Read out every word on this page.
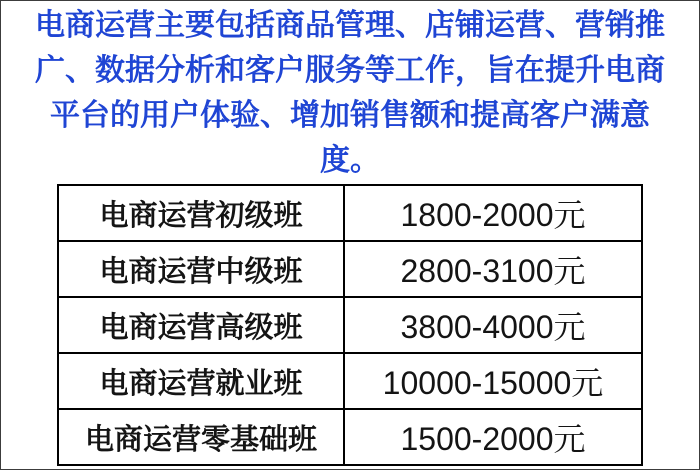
电商运营主要包括商品管理、店铺运营、营销推
广、数据分析和客户服务等工作，旨在提升电商
平台的用户体验、增加销售额和提高客户满意
度。
电商运营初级班	1800-2000元
电商运营中级班	2800-3100元
电商运营高级班	3800-4000元
电商运营就业班	10000-15000元
电商运营零基础班	1500-2000元
